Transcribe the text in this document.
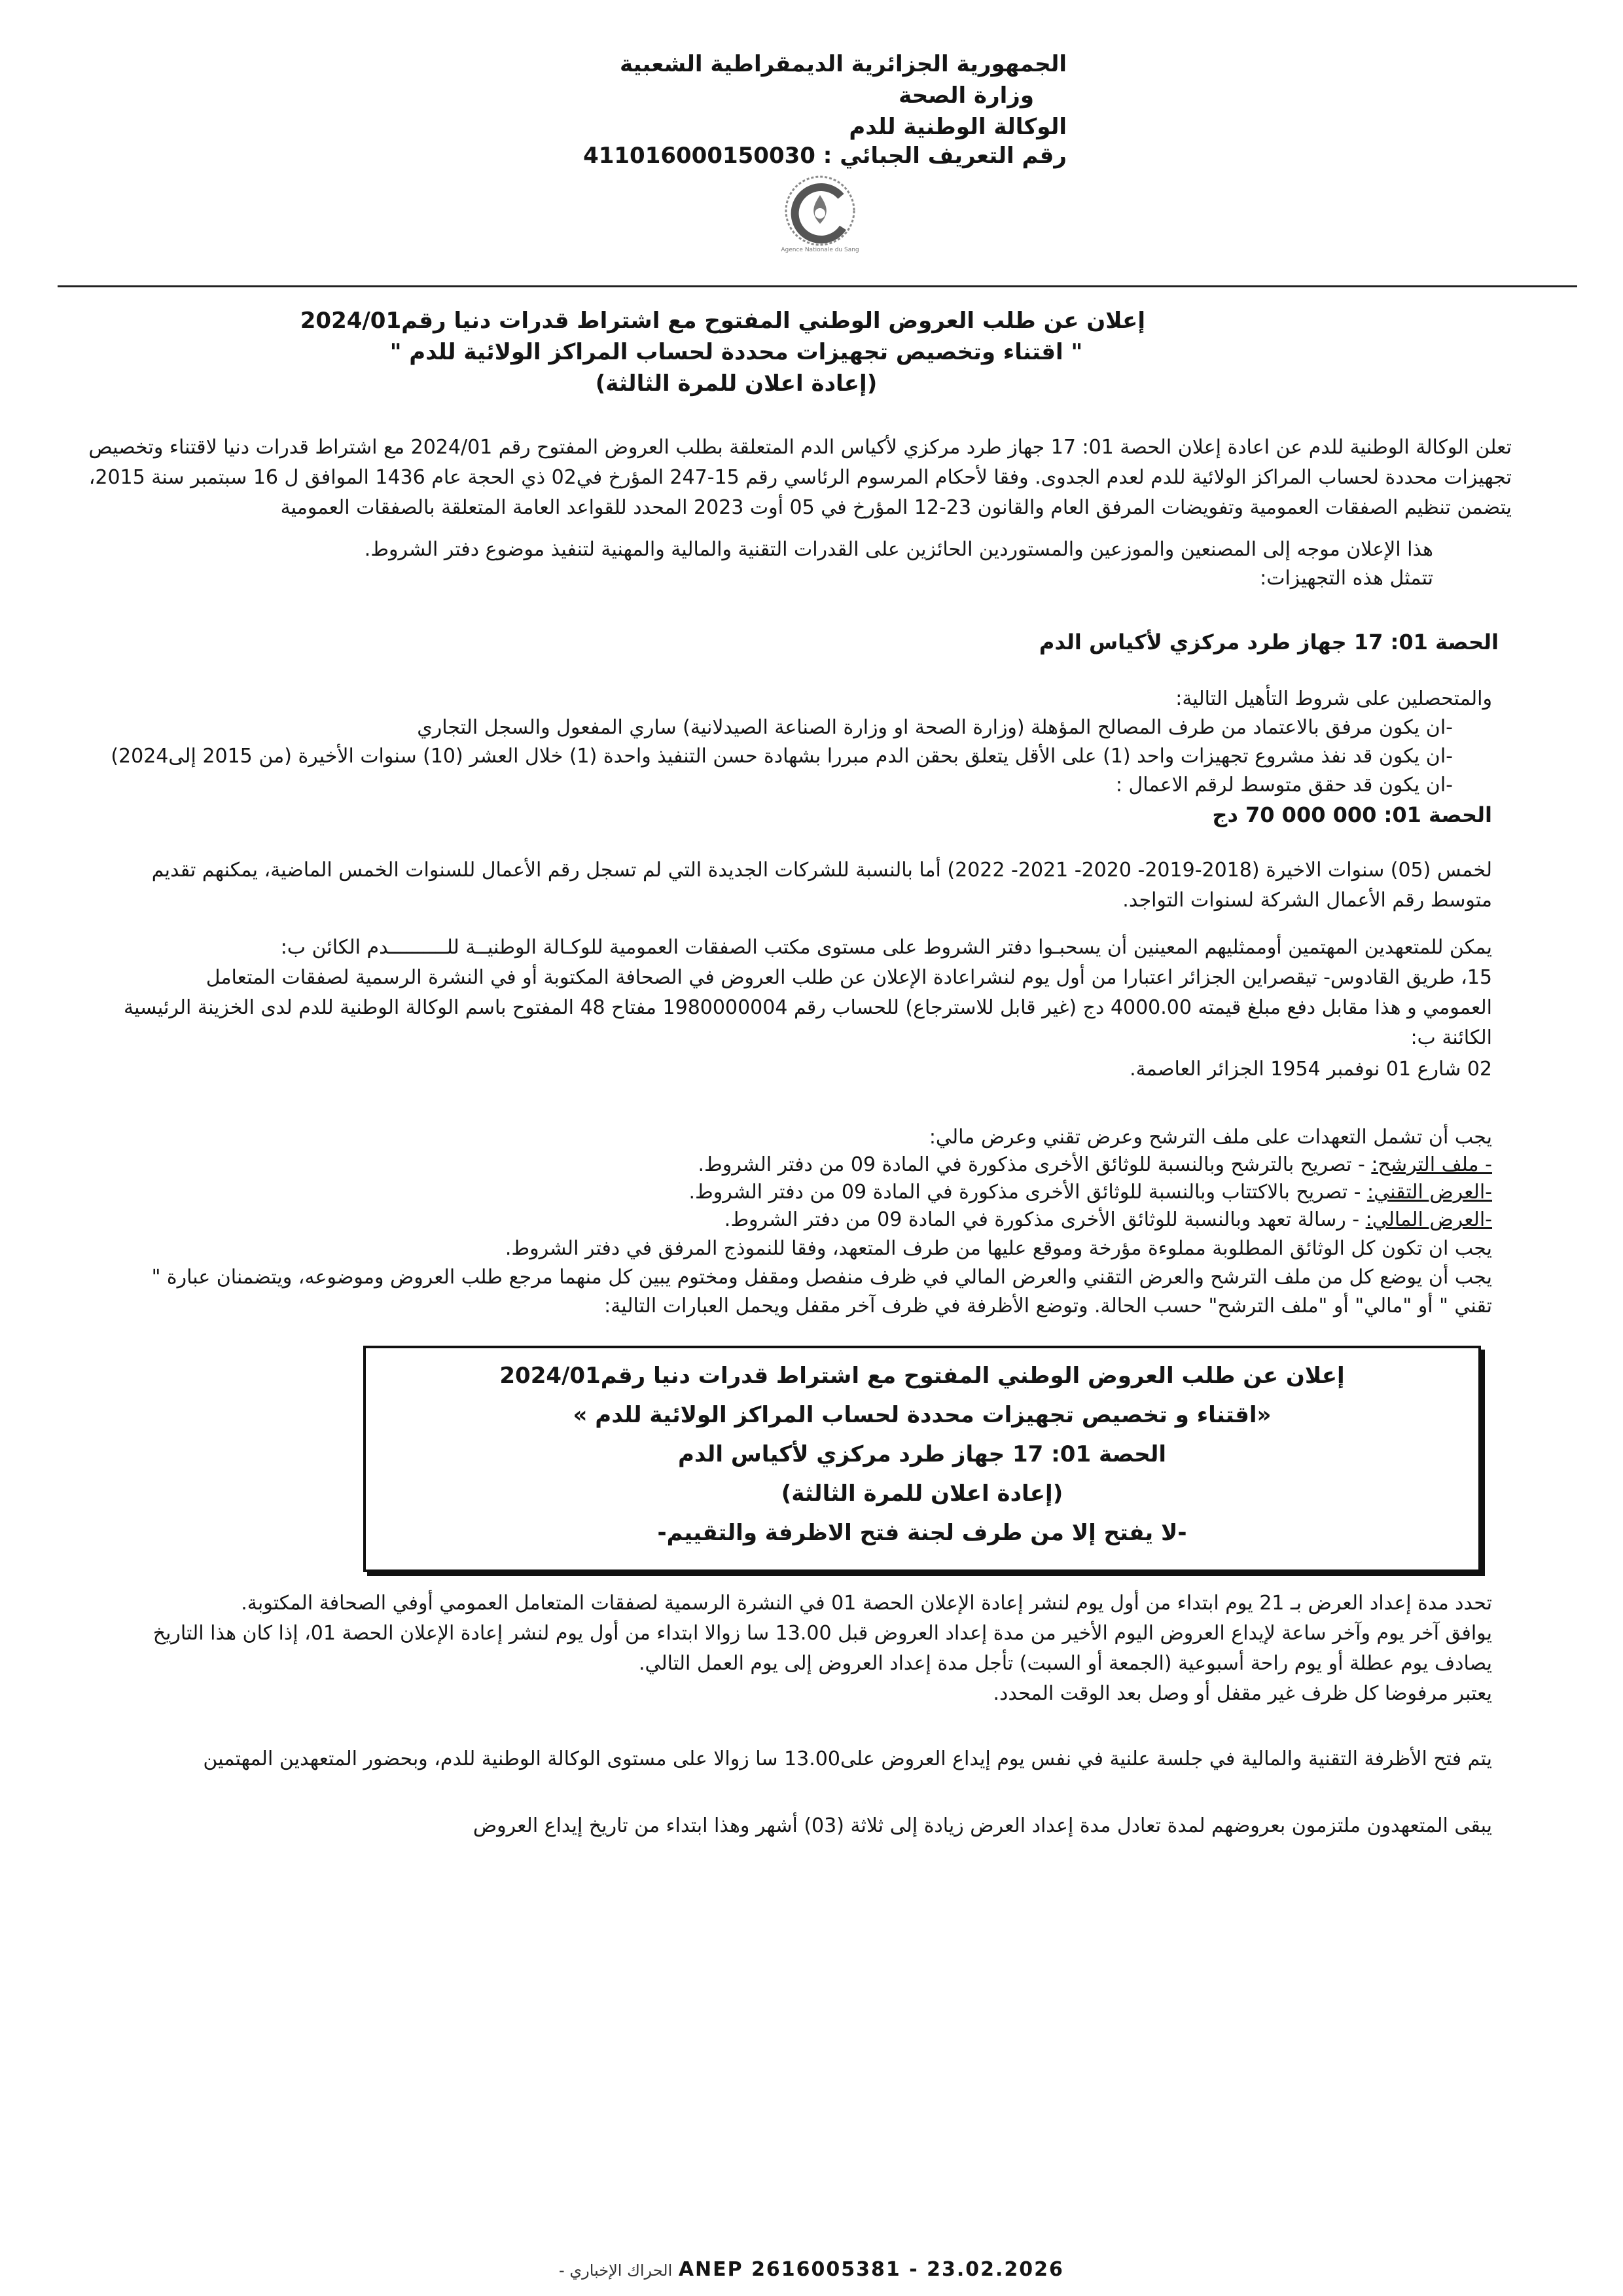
الجمهورية الجزائرية الديمقراطية الشعبية
وزارة الصحة
الوكالة الوطنية للدم
رقم التعريف الجبائي : 411016000150030
Agence Nationale du Sang
إعلان عن طلب العروض الوطني المفتوح مع اشتراط قدرات دنيا رقم2024/01
" اقتناء وتخصيص تجهيزات محددة لحساب المراكز الولائية للدم "
(إعادة اعلان للمرة الثالثة)
تعلن الوكالة الوطنية للدم عن اعادة إعلان الحصة 01: 17 جهاز طرد مركزي لأكياس الدم المتعلقة بطلب العروض المفتوح رقم 2024/01 مع اشتراط قدرات دنيا لاقتناء وتخصيص
تجهيزات محددة لحساب المراكز الولائية للدم لعدم الجدوى. وفقا لأحكام المرسوم الرئاسي رقم 15-247 المؤرخ في02 ذي الحجة عام 1436 الموافق ل 16 سبتمبر سنة 2015،
يتضمن تنظيم الصفقات العمومية وتفويضات المرفق العام والقانون 23-12 المؤرخ في 05 أوت 2023 المحدد للقواعد العامة المتعلقة بالصفقات العمومية
هذا الإعلان موجه إلى المصنعين والموزعين والمستوردين الحائزين على القدرات التقنية والمالية والمهنية لتنفيذ موضوع دفتر الشروط.
تتمثل هذه التجهيزات:
الحصة 01: 17 جهاز طرد مركزي لأكياس الدم
والمتحصلين على شروط التأهيل التالية:
-ان يكون مرفق بالاعتماد من طرف المصالح المؤهلة (وزارة الصحة او وزارة الصناعة الصيدلانية) ساري المفعول والسجل التجاري
-ان يكون قد نفذ مشروع تجهيزات واحد (1) على الأقل يتعلق بحقن الدم مبررا بشهادة حسن التنفيذ واحدة (1) خلال العشر (10) سنوات الأخيرة (من 2015 إلى2024)
-ان يكون قد حقق متوسط لرقم الاعمال :
الحصة 01: 000 000 70 دج
لخمس (05) سنوات الاخيرة (2018-2019- 2020- 2021- 2022) أما بالنسبة للشركات الجديدة التي لم تسجل رقم الأعمال للسنوات الخمس الماضية، يمكنهم تقديم
متوسط رقم الأعمال الشركة لسنوات التواجد.
يمكن للمتعهدين المهتمين أوممثليهم المعينين أن يسحبـوا دفتر الشروط على مستوى مكتب الصفقات العمومية للوكـالة الوطنيــة للــــــــــدم الكائن ب:
15، طريق القادوس- تيقصراين الجزائر اعتبارا من أول يوم لنشراعادة الإعلان عن طلب العروض في الصحافة المكتوبة أو في النشرة الرسمية لصفقات المتعامل
العمومي و هذا مقابل دفع مبلغ قيمته 4000.00 دج (غير قابل للاسترجاع) للحساب رقم 1980000004 مفتاح 48 المفتوح باسم الوكالة الوطنية للدم لدى الخزينة الرئيسية
الكائنة ب:
02 شارع 01 نوفمبر 1954 الجزائر العاصمة.
يجب أن تشمل التعهدات على ملف الترشح وعرض تقني وعرض مالي:
- ملف الترشح: - تصريح بالترشح وبالنسبة للوثائق الأخرى مذكورة في المادة 09 من دفتر الشروط.
-العرض التقني: - تصريح بالاكتتاب وبالنسبة للوثائق الأخرى مذكورة في المادة 09 من دفتر الشروط.
-العرض المالي: - رسالة تعهد وبالنسبة للوثائق الأخرى مذكورة في المادة 09 من دفتر الشروط.
يجب ان تكون كل الوثائق المطلوبة مملوءة مؤرخة وموقع عليها من طرف المتعهد، وفقا للنموذج المرفق في دفتر الشروط.
يجب أن يوضع كل من ملف الترشح والعرض التقني والعرض المالي في ظرف منفصل ومقفل ومختوم يبين كل منهما مرجع طلب العروض وموضوعه، ويتضمنان عبارة "
تقني " أو "مالي" أو "ملف الترشح" حسب الحالة. وتوضع الأظرفة في ظرف آخر مقفل ويحمل العبارات التالية:
إعلان عن طلب العروض الوطني المفتوح مع اشتراط قدرات دنيا رقم2024/01
«اقتناء و تخصيص تجهيزات محددة لحساب المراكز الولائية للدم »
الحصة 01: 17 جهاز طرد مركزي لأكياس الدم
(إعادة اعلان للمرة الثالثة)
-لا يفتح إلا من طرف لجنة فتح الاظرفة والتقييم-
تحدد مدة إعداد العرض بـ 21 يوم ابتداء من أول يوم لنشر إعادة الإعلان الحصة 01 في النشرة الرسمية لصفقات المتعامل العمومي أوفي الصحافة المكتوبة.
يوافق آخر يوم وآخر ساعة لإيداع العروض اليوم الأخير من مدة إعداد العروض قبل 13.00 سا زوالا ابتداء من أول يوم لنشر إعادة الإعلان الحصة 01، إذا كان هذا التاريخ
يصادف يوم عطلة أو يوم راحة أسبوعية (الجمعة أو السبت) تأجل مدة إعداد العروض إلى يوم العمل التالي.
يعتبر مرفوضا كل ظرف غير مقفل أو وصل بعد الوقت المحدد.
يتم فتح الأظرفة التقنية والمالية في جلسة علنية في نفس يوم إيداع العروض على13.00 سا زوالا على مستوى الوكالة الوطنية للدم، وبحضور المتعهدين المهتمين
يبقى المتعهدون ملتزمون بعروضهم لمدة تعادل مدة إعداد العرض زيادة إلى ثلاثة (03) أشهر وهذا ابتداء من تاريخ إيداع العروض
- الحراك الإخباري ANEP 2616005381 - 23.02.2026
